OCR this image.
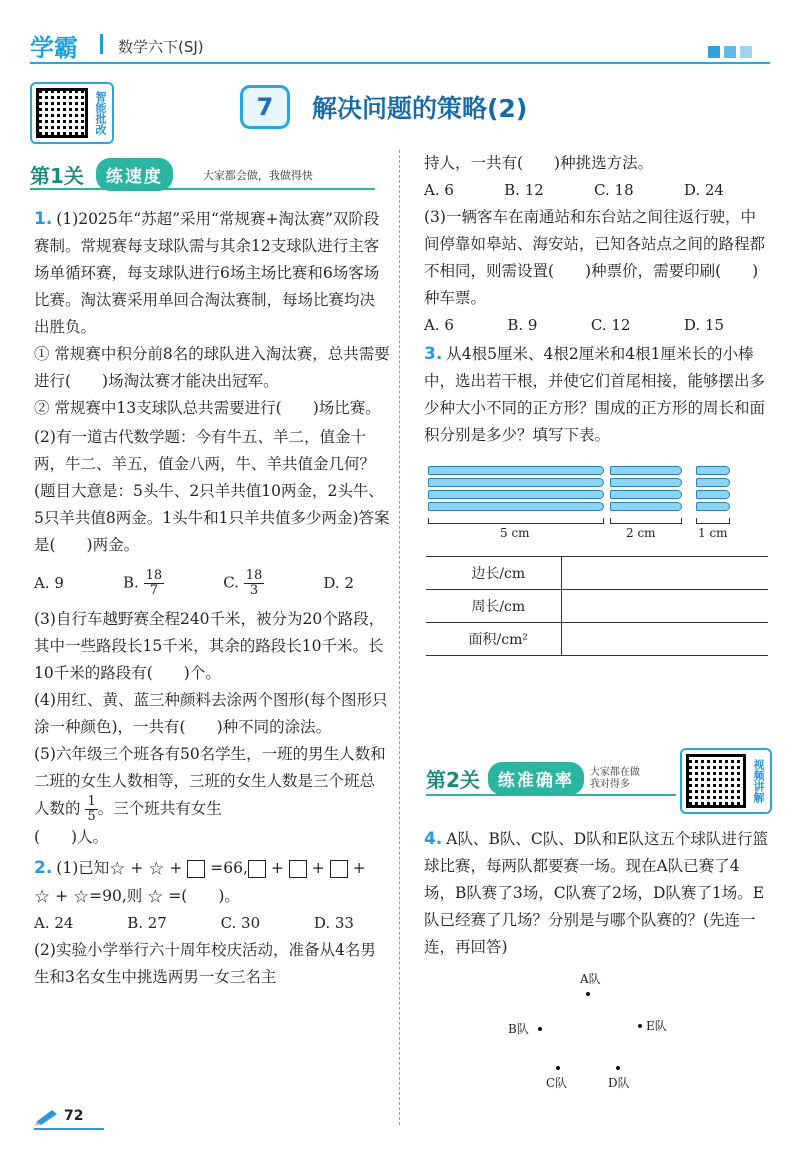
学霸	数学六下(SJ)
智能批改	7	解决问题的策略(2)
第1关	练速度	大家都会做，我做得快
1. (1)2025年“苏超”采用“常规赛+淘汰赛”双阶段赛制。常规赛每支球队需与其余12支球队进行主客场单循环赛，每支球队进行6场主场比赛和6场客场比赛。淘汰赛采用单回合淘汰赛制，每场比赛均决出胜负。
① 常规赛中积分前8名的球队进入淘汰赛，总共需要进行(　　)场淘汰赛才能决出冠军。
② 常规赛中13支球队总共需要进行(　　)场比赛。
(2)有一道古代数学题：今有牛五、羊二，值金十两，牛二、羊五，值金八两，牛、羊共值金几何？(题目大意是：5头牛、2只羊共值10两金，2头牛、5只羊共值8两金。1头牛和1只羊共值多少两金)答案是(　　)两金。
A. 9	B. $\frac{18}{7}$	C. $\frac{18}{3}$	D. 2
(3)自行车越野赛全程240千米，被分为20个路段，其中一些路段长15千米，其余的路段长10千米。长10千米的路段有(　　)个。
(4)用红、黄、蓝三种颜料去涂两个图形(每个图形只涂一种颜色)，一共有(　　)种不同的涂法。
(5)六年级三个班各有50名学生，一班的男生人数和二班的女生人数相等，三班的女生人数是三个班总人数的 $\frac{1}{5}$ 。三个班共有女生
(　　)人。
2. (1)已知☆ + ☆ + =66, + + +
☆ + ☆=90,则 ☆ =(　　)。
A. 24	B. 27	C. 30	D. 33
(2)实验小学举行六十周年校庆活动，准备从4名男生和3名女生中挑选两男一女三名主
持人，一共有(　　)种挑选方法。
A. 6	B. 12	C. 18	D. 24
(3)一辆客车在南通站和东台站之间往返行驶，中间停靠如皋站、海安站，已知各站点之间的路程都不相同，则需设置(　　)种票价，需要印刷(　　)种车票。
A. 6	B. 9	C. 12	D. 15
3. 从4根5厘米、4根2厘米和4根1厘米长的小棒中，选出若干根，并使它们首尾相接，能够摆出多少种大小不同的正方形？围成的正方形的周长和面积分别是多少？填写下表。
5 cm	2 cm	1 cm
边长/cm	
周长/cm	
面积/cm²	
第2关	练准确率	大家都在做
我对得多	视频讲解
4. A队、B队、C队、D队和E队这五个球队进行篮球比赛，每两队都要赛一场。现在A队已赛了4场，B队赛了3场，C队赛了2场，D队赛了1场。E队已经赛了几场？分别是与哪个队赛的？(先连一连，再回答)
A队
B队	E队
C队	D队
72
